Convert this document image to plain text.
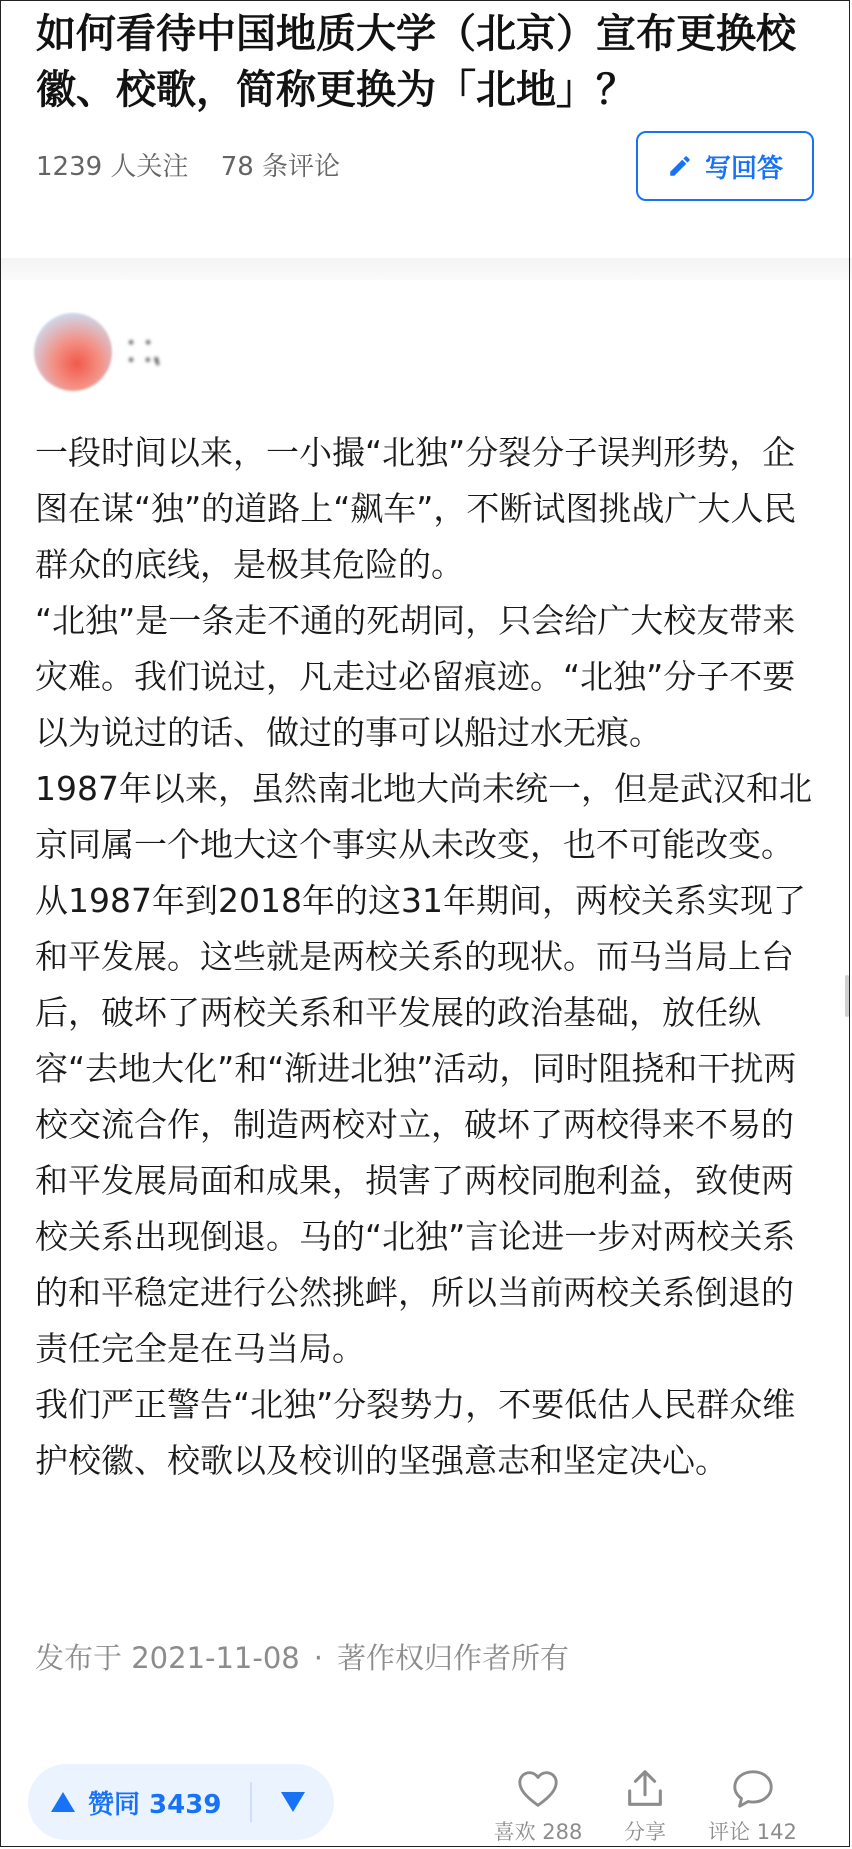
如何看待中国地质大学（北京）宣布更换校徽、校歌，简称更换为「北地」？
1239 人关注 78 条评论	写回答
⸬⹁

一段时间以来，一小撮“北独”分裂分子误判形势，企图在谋“独”的道路上“飙车”，不断试图挑战广大人民群众的底线，是极其危险的。

“北独”是一条走不通的死胡同，只会给广大校友带来灾难。我们说过，凡走过必留痕迹。“北独”分子不要以为说过的话、做过的事可以船过水无痕。

1987年以来，虽然南北地大尚未统一，但是武汉和北京同属一个地大这个事实从未改变，也不可能改变。从1987年到2018年的这31年期间，两校关系实现了和平发展。这些就是两校关系的现状。而马当局上台后，破坏了两校关系和平发展的政治基础，放任纵容“去地大化”和“渐进北独”活动，同时阻挠和干扰两校交流合作，制造两校对立，破坏了两校得来不易的和平发展局面和成果，损害了两校同胞利益，致使两校关系出现倒退。马的“北独”言论进一步对两校关系的和平稳定进行公然挑衅，所以当前两校关系倒退的责任完全是在马当局。

我们严正警告“北独”分裂势力，不要低估人民群众维护校徽、校歌以及校训的坚强意志和坚定决心。

发布于 2021-11-08 · 著作权归作者所有
赞同 3439
喜欢 288 分享 评论 142
